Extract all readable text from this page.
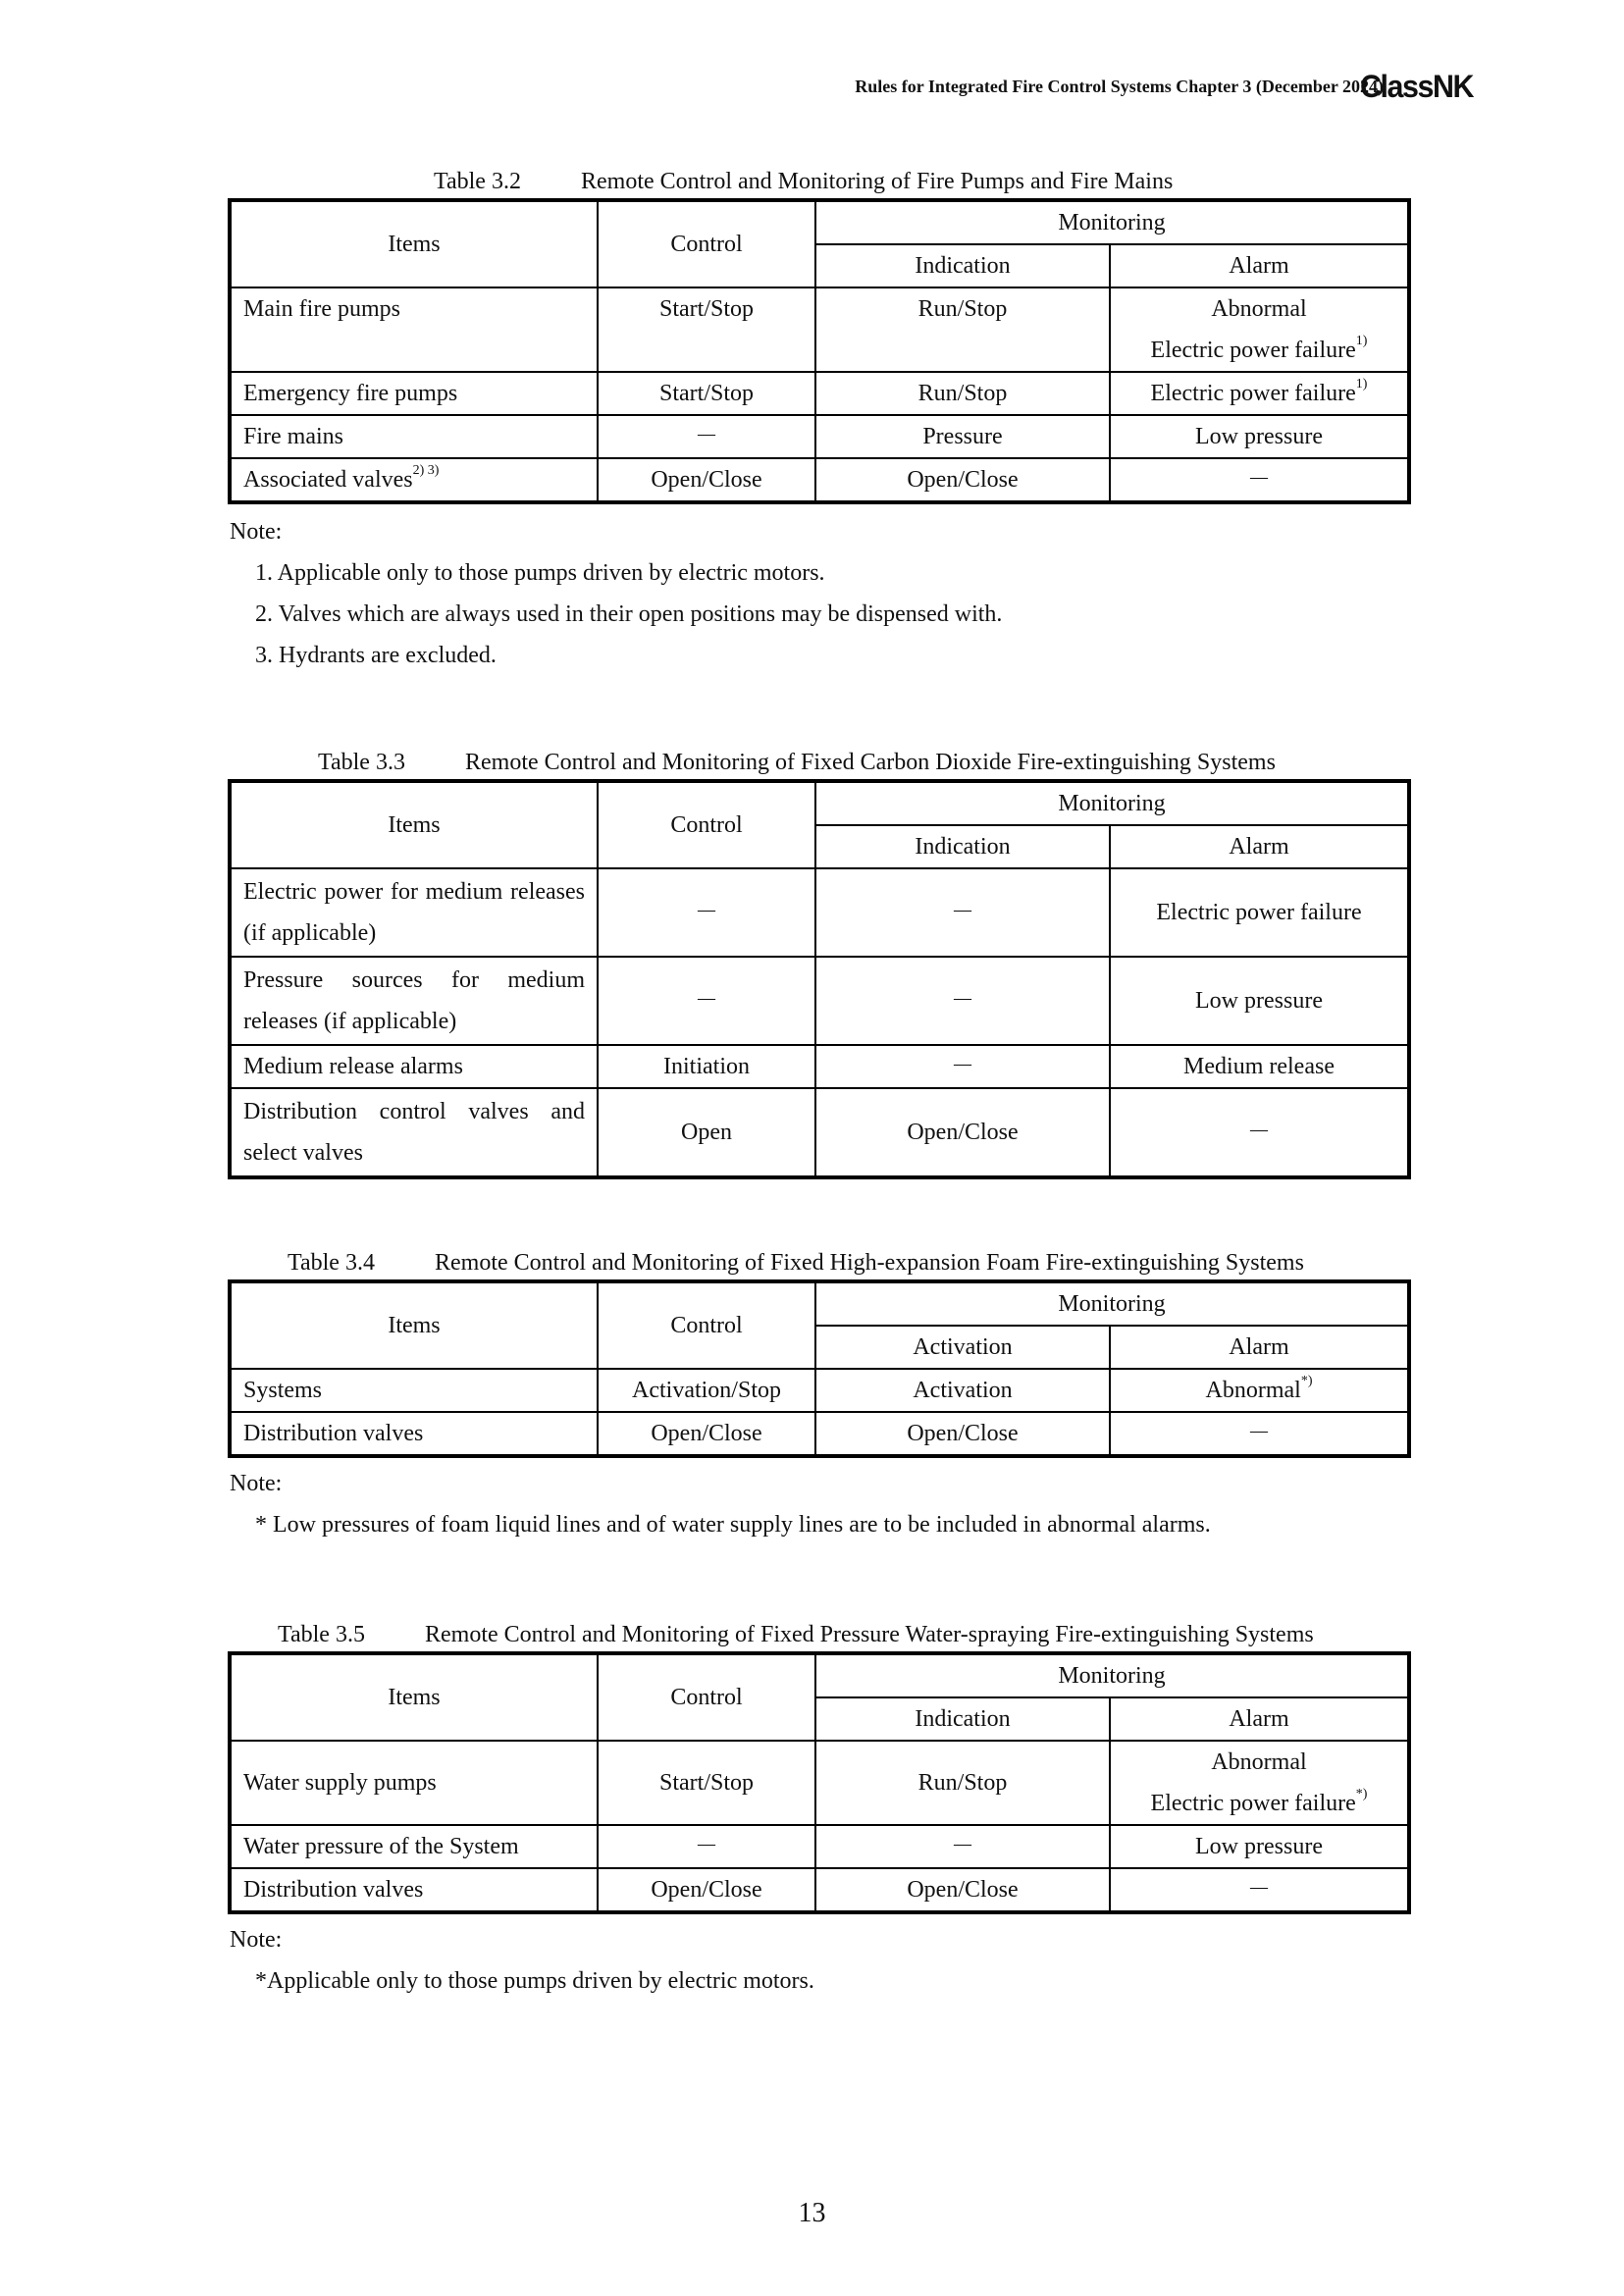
Rules for Integrated Fire Control Systems Chapter 3 (December 2024)
ClassNK
Table 3.2	Remote Control and Monitoring of Fire Pumps and Fire Mains
Items	Control	Monitoring	
		Indication	Alarm
Main fire pumps	Start/Stop	Run/Stop	Abnormal
Electric power failure$^{1)}$

Emergency fire pumps	Start/Stop	Run/Stop	Electric power failure$^{1)}$
Fire mains	－	Pressure	Low pressure
Associated valves$^{2) 3)}$	Open/Close	Open/Close	－
Note:
1. Applicable only to those pumps driven by electric motors.
2. Valves which are always used in their open positions may be dispensed with.
3. Hydrants are excluded.
Table 3.3	Remote Control and Monitoring of Fixed Carbon Dioxide Fire-extinguishing Systems
Items	Control	Monitoring	
		Indication	Alarm
Electric power for medium releases (if applicable)	－	－	Electric power failure
Pressure sources for medium releases (if applicable)	－	－	Low pressure
Medium release alarms	Initiation	－	Medium release
Distribution control valves and select valves	Open	Open/Close	－
Table 3.4	Remote Control and Monitoring of Fixed High-expansion Foam Fire-extinguishing Systems
Items	Control	Monitoring	
		Activation	Alarm
Systems	Activation/Stop	Activation	Abnormal*)
Distribution valves	Open/Close	Open/Close	－
Note:
* Low pressures of foam liquid lines and of water supply lines are to be included in abnormal alarms.
Table 3.5	Remote Control and Monitoring of Fixed Pressure Water-spraying Fire-extinguishing Systems
Items	Control	Monitoring	
		Indication	Alarm
Water supply pumps	Start/Stop	Run/Stop	Abnormal
Electric power failure*)

Water pressure of the System	－	－	Low pressure
Distribution valves	Open/Close	Open/Close	－
Note:
*Applicable only to those pumps driven by electric motors.
13
